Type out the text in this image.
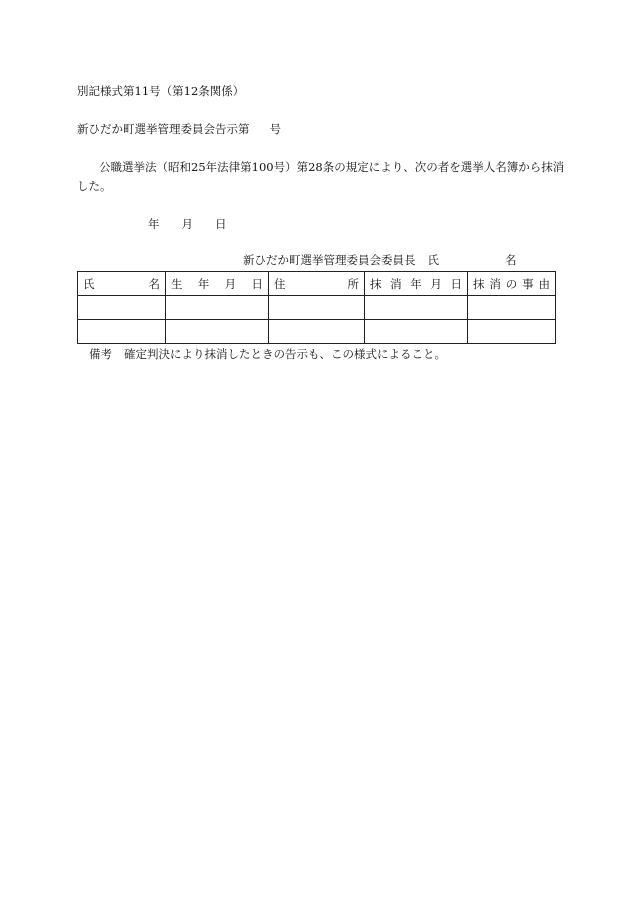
別記様式第11号（第12条関係）
新ひだか町選挙管理委員会告示第 号
公職選挙法（昭和25年法律第100号）第28条の規定により、次の者を選挙人名簿から抹消
した。
年 月 日
新ひだか町選挙管理委員会委員長 氏	名
氏 名	生 年 月 日	住 所	抹 消 年 月 日	抹 消 の 事 由

備考 確定判決により抹消したときの告示も、この様式によること。
